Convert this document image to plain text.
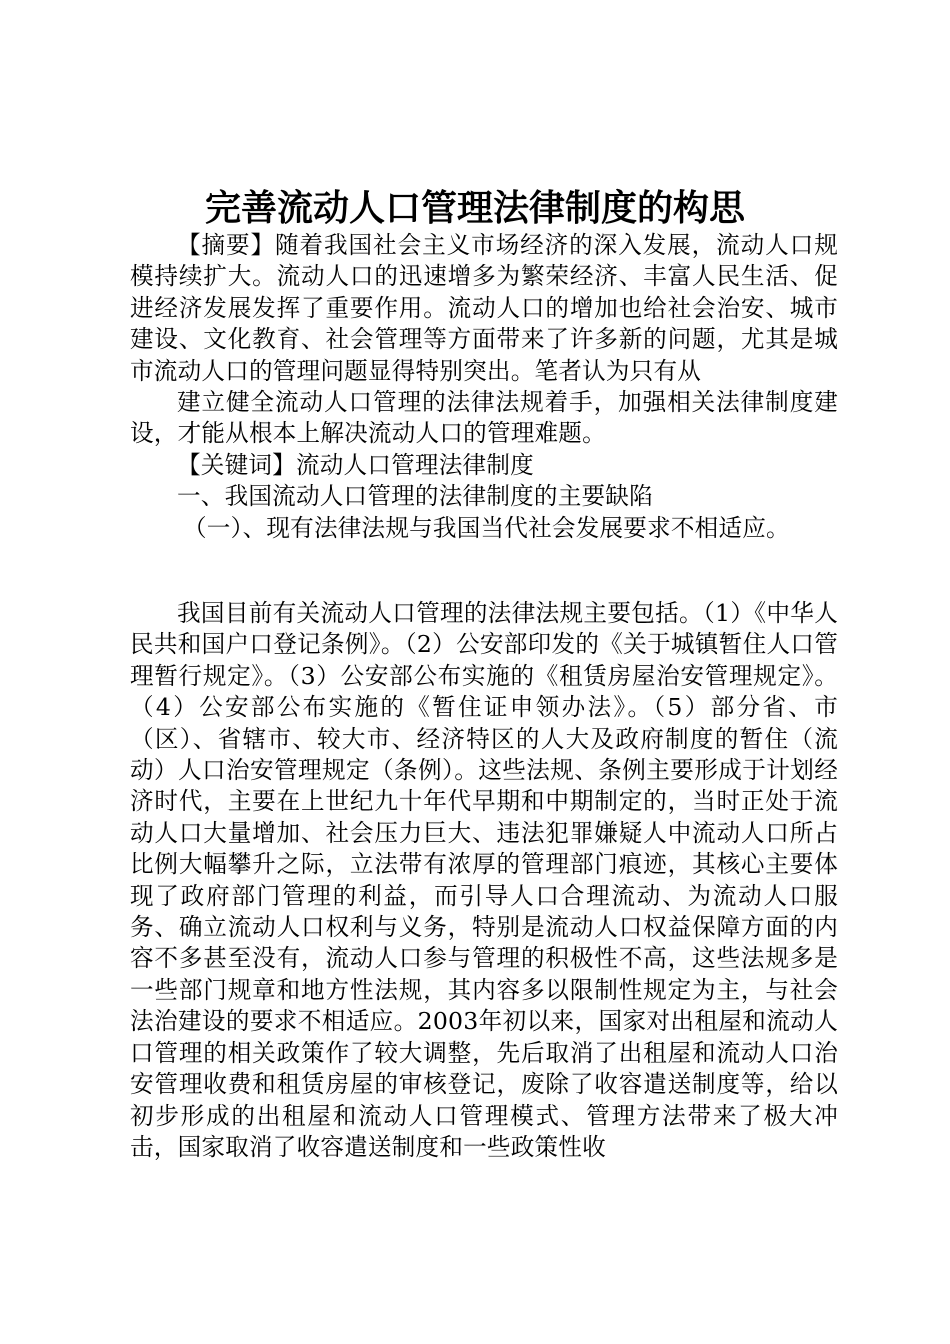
完善流动人口管理法律制度的构思

【摘要】随着我国社会主义市场经济的深入发展，流动人口规模持续扩大。流动人口的迅速增多为繁荣经济、丰富人民生活、促进经济发展发挥了重要作用。流动人口的增加也给社会治安、城市建设、文化教育、社会管理等方面带来了许多新的问题，尤其是城市流动人口的管理问题显得特别突出。笔者认为只有从

建立健全流动人口管理的法律法规着手，加强相关法律制度建设，才能从根本上解决流动人口的管理难题。

【关键词】流动人口管理法律制度

一、我国流动人口管理的法律制度的主要缺陷

（一）、现有法律法规与我国当代社会发展要求不相适应。

我国目前有关流动人口管理的法律法规主要包括。（1）《中华人民共和国户口登记条例》。（2）公安部印发的《关于城镇暂住人口管理暂行规定》。（3）公安部公布实施的《租赁房屋治安管理规定》。（4）公安部公布实施的《暂住证申领办法》。（5）部分省、市（区）、省辖市、较大市、经济特区的人大及政府制度的暂住（流动）人口治安管理规定（条例）。这些法规、条例主要形成于计划经济时代，主要在上世纪九十年代早期和中期制定的，当时正处于流动人口大量增加、社会压力巨大、违法犯罪嫌疑人中流动人口所占比例大幅攀升之际，立法带有浓厚的管理部门痕迹，其核心主要体现了政府部门管理的利益，而引导人口合理流动、为流动人口服务、确立流动人口权利与义务，特别是流动人口权益保障方面的内容不多甚至没有，流动人口参与管理的积极性不高，这些法规多是一些部门规章和地方性法规，其内容多以限制性规定为主，与社会法治建设的要求不相适应。2003年初以来，国家对出租屋和流动人口管理的相关政策作了较大调整，先后取消了出租屋和流动人口治安管理收费和租赁房屋的审核登记，废除了收容遣送制度等，给以初步形成的出租屋和流动人口管理模式、管理方法带来了极大冲击，国家取消了收容遣送制度和一些政策性收
